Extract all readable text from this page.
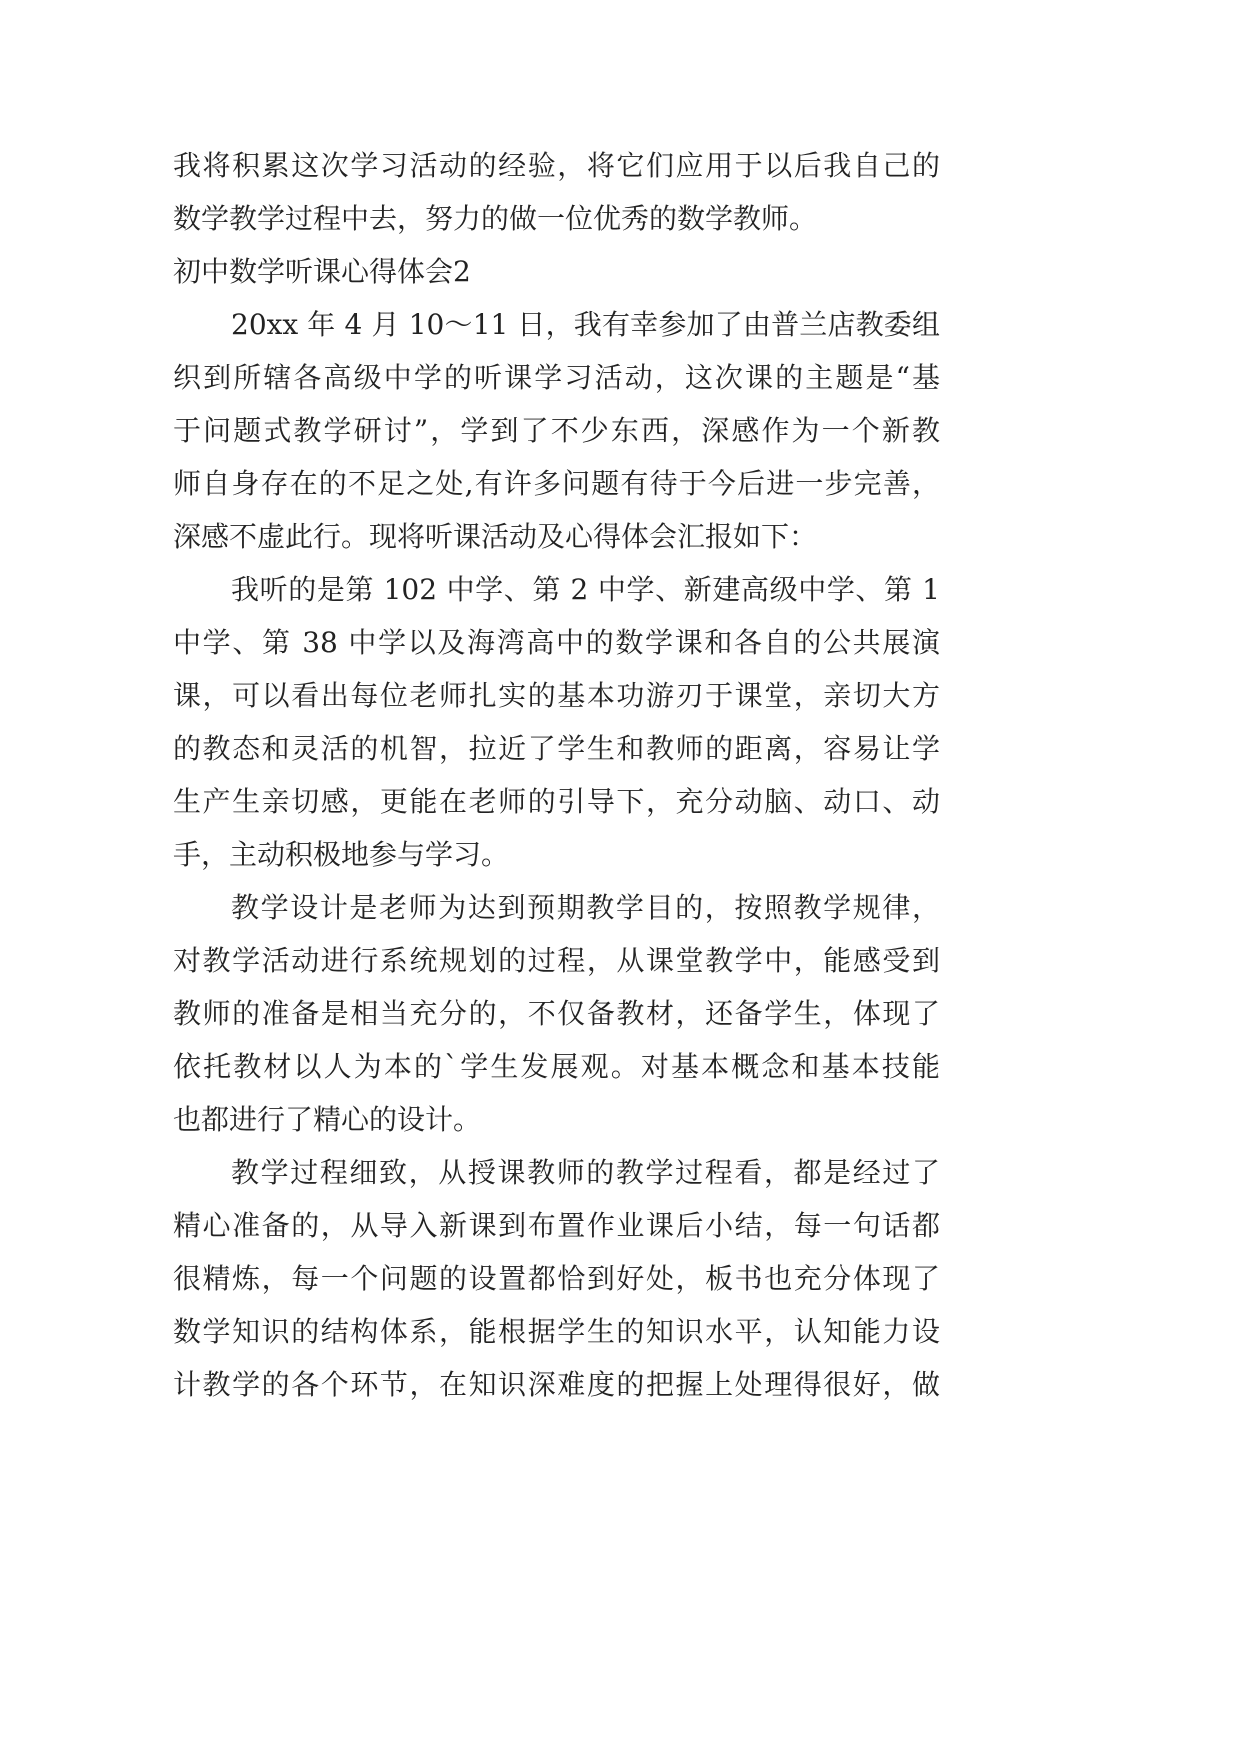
我将积累这次学习活动的经验，将它们应用于以后我自己的
数学教学过程中去，努力的做一位优秀的数学教师。
初中数学听课心得体会2
20xx 年 4 月 10～11 日，我有幸参加了由普兰店教委组
织到所辖各高级中学的听课学习活动，这次课的主题是“基
于问题式教学研讨”，学到了不少东西，深感作为一个新教
师自身存在的不足之处,有许多问题有待于今后进一步完善，
深感不虚此行。现将听课活动及心得体会汇报如下：
我听的是第 102 中学、第 2 中学、新建高级中学、第 1
中学、第 38 中学以及海湾高中的数学课和各自的公共展演
课，可以看出每位老师扎实的基本功游刃于课堂，亲切大方
的教态和灵活的机智，拉近了学生和教师的距离，容易让学
生产生亲切感，更能在老师的引导下，充分动脑、动口、动
手，主动积极地参与学习。
教学设计是老师为达到预期教学目的，按照教学规律，
对教学活动进行系统规划的过程，从课堂教学中，能感受到
教师的准备是相当充分的，不仅备教材，还备学生，体现了
依托教材以人为本的`学生发展观。对基本概念和基本技能
也都进行了精心的设计。
教学过程细致，从授课教师的教学过程看，都是经过了
精心准备的，从导入新课到布置作业课后小结，每一句话都
很精炼，每一个问题的设置都恰到好处，板书也充分体现了
数学知识的结构体系，能根据学生的知识水平，认知能力设
计教学的各个环节，在知识深难度的把握上处理得很好，做
